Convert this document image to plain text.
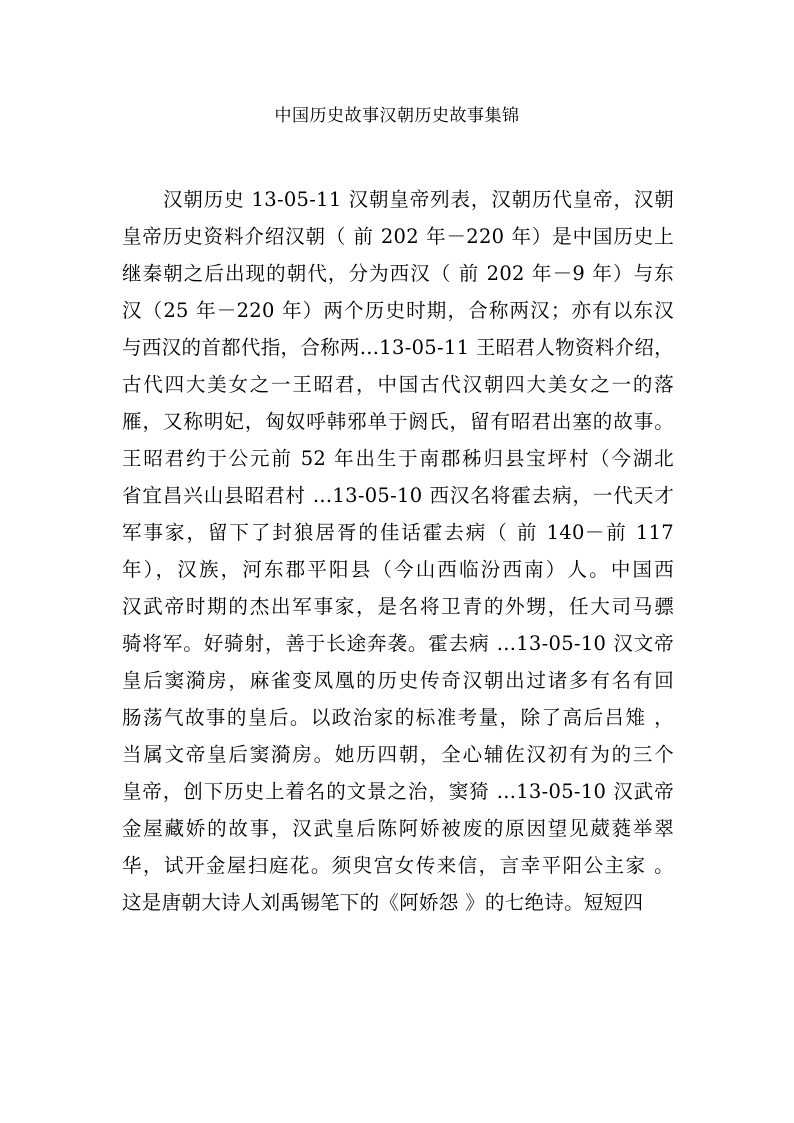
中国历史故事汉朝历史故事集锦
汉朝历史 13-05-11 汉朝皇帝列表，汉朝历代皇帝，汉朝
皇帝历史资料介绍汉朝（ 前 202 年－220 年）是中国历史上
继秦朝之后出现的朝代，分为西汉（ 前 202 年－9 年）与东
汉（25 年－220 年）两个历史时期，合称两汉；亦有以东汉
与西汉的首都代指，合称两...13-05-11 王昭君人物资料介绍，
古代四大美女之一王昭君，中国古代汉朝四大美女之一的落
雁，又称明妃，匈奴呼韩邪单于阏氏，留有昭君出塞的故事。
王昭君约于公元前 52 年出生于南郡秭归县宝坪村（今湖北
省宜昌兴山县昭君村 ...13-05-10 西汉名将霍去病，一代天才
军事家，留下了封狼居胥的佳话霍去病（ 前 140－前 117
年），汉族，河东郡平阳县（今山西临汾西南）人。中国西
汉武帝时期的杰出军事家，是名将卫青的外甥，任大司马骠
骑将军。好骑射，善于长途奔袭。霍去病 ...13-05-10 汉文帝
皇后窦漪房，麻雀变凤凰的历史传奇汉朝出过诸多有名有回
肠荡气故事的皇后。以政治家的标准考量，除了高后吕雉 ，
当属文帝皇后窦漪房。她历四朝，全心辅佐汉初有为的三个
皇帝，创下历史上着名的文景之治，窦猗 ...13-05-10 汉武帝
金屋藏娇的故事，汉武皇后陈阿娇被废的原因望见葳蕤举翠
华，试开金屋扫庭花。须臾宫女传来信，言幸平阳公主家 。
这是唐朝大诗人刘禹锡笔下的《阿娇怨 》的七绝诗。短短四
